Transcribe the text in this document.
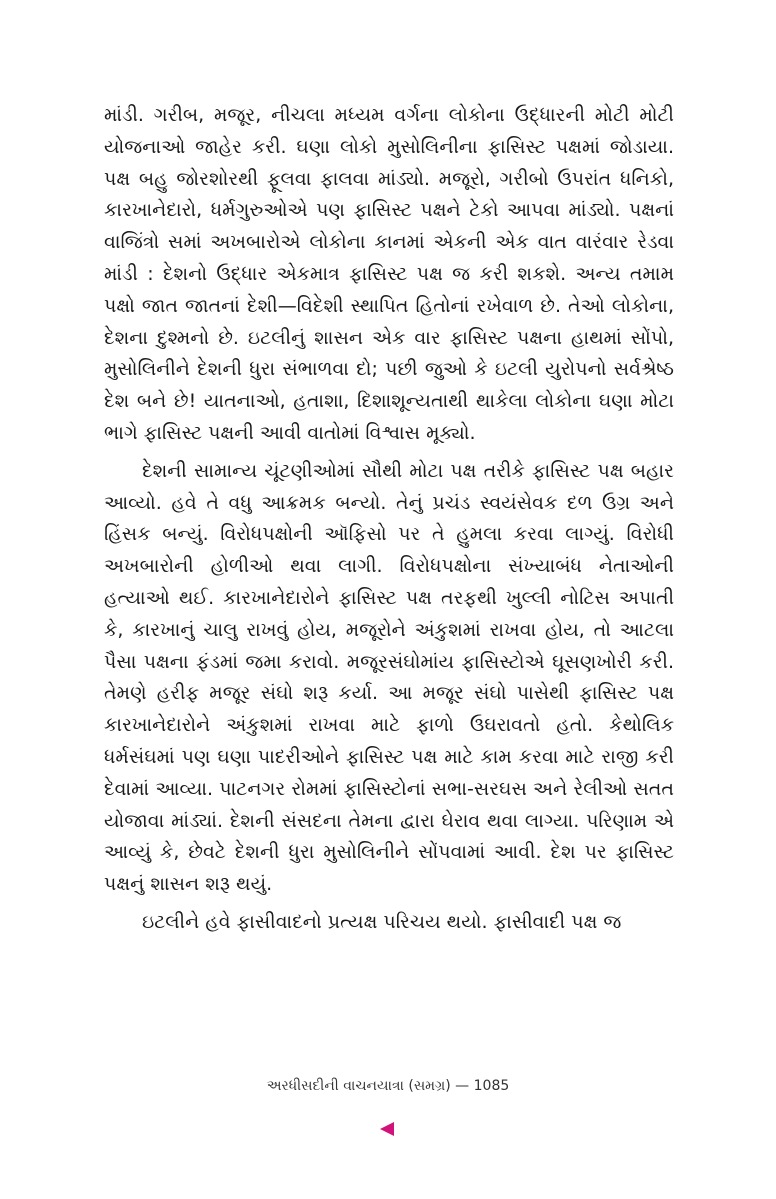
માંડી. ગરીબ, મજૂર, નીચલા મધ્યમ વર્ગના લોકોના ઉદ્ધારની મોટી મોટી યોજનાઓ જાહેર કરી. ઘણા લોકો મુસોલિનીના ફાસિસ્ટ પક્ષમાં જોડાયા. પક્ષ બહુ જોરશોરથી ફૂલવા ફાલવા માંડ્યો. મજૂરો, ગરીબો ઉપરાંત ધનિકો, કારખાનેદારો, ધર્મગુરુઓએ પણ ફાસિસ્ટ પક્ષને ટેકો આપવા માંડ્યો. પક્ષનાં વાજિંત્રો સમાં અખબારોએ લોકોના કાનમાં એકની એક વાત વારંવાર રેડવા માંડી : દેશનો ઉદ્ધાર એકમાત્ર ફાસિસ્ટ પક્ષ જ કરી શકશે. અન્ય તમામ પક્ષો જાત જાતનાં દેશી—વિદેશી સ્થાપિત હિતોનાં રખેવાળ છે. તેઓ લોકોના, દેશના દુશ્મનો છે. ઇટલીનું શાસન એક વાર ફાસિસ્ટ પક્ષના હાથમાં સોંપો, મુસોલિનીને દેશની ધુરા સંભાળવા દો; પછી જુઓ કે ઇટલી યુરોપનો સર્વશ્રેષ્ઠ દેશ બને છે! યાતનાઓ, હતાશા, દિશાશૂન્યતાથી થાકેલા લોકોના ઘણા મોટા ભાગે ફાસિસ્ટ પક્ષની આવી વાતોમાં વિશ્વાસ મૂક્યો.

દેશની સામાન્ય ચૂંટણીઓમાં સૌથી મોટા પક્ષ તરીકે ફાસિસ્ટ પક્ષ બહાર આવ્યો. હવે તે વધુ આક્રમક બન્યો. તેનું પ્રચંડ સ્વયંસેવક દળ ઉગ્ર અને હિંસક બન્યું. વિરોધપક્ષોની ઑફિસો પર તે હુમલા કરવા લાગ્યું. વિરોધી અખબારોની હોળીઓ થવા લાગી. વિરોધપક્ષોના સંખ્યાબંધ નેતાઓની હત્યાઓ થઈ. કારખાનેદારોને ફાસિસ્ટ પક્ષ તરફથી ખુલ્લી નોટિસ અપાતી કે, કારખાનું ચાલુ રાખવું હોય, મજૂરોને અંકુશમાં રાખવા હોય, તો આટલા પૈસા પક્ષના ફંડમાં જમા કરાવો. મજૂરસંઘોમાંય ફાસિસ્ટોએ ઘૂસણખોરી કરી. તેમણે હરીફ મજૂર સંઘો શરૂ કર્યા. આ મજૂર સંઘો પાસેથી ફાસિસ્ટ પક્ષ કારખાનેદારોને અંકુશમાં રાખવા માટે ફાળો ઉઘરાવતો હતો. કેથોલિક ધર્મસંઘમાં પણ ઘણા પાદરીઓને ફાસિસ્ટ પક્ષ માટે કામ કરવા માટે રાજી કરી દેવામાં આવ્યા. પાટનગર રોમમાં ફાસિસ્ટોનાં સભા-સરઘસ અને રેલીઓ સતત યોજાવા માંડ્યાં. દેશની સંસદના તેમના દ્વારા ઘેરાવ થવા લાગ્યા. પરિણામ એ આવ્યું કે, છેવટે દેશની ધુરા મુસોલિનીને સોંપવામાં આવી. દેશ પર ફાસિસ્ટ પક્ષનું શાસન શરૂ થયું.

ઇટલીને હવે ફાસીવાદનો પ્રત્યક્ષ પરિચય થયો. ફાસીવાદી પક્ષ જ

અરધીસદીની વાચનયાત્રા (સમગ્ર) — 1085
